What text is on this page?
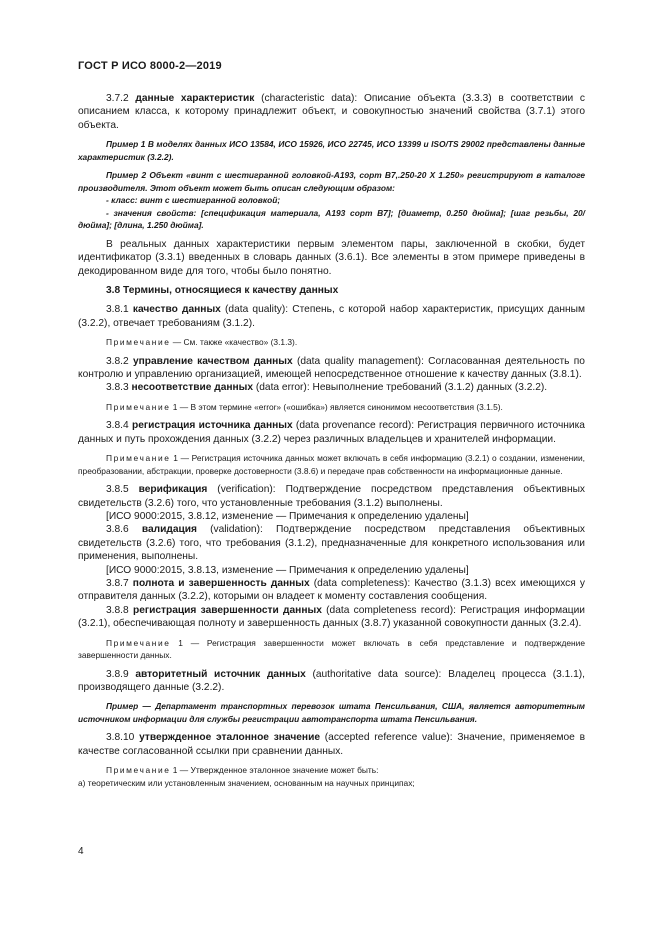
ГОСТ Р ИСО 8000-2—2019
3.7.2 данные характеристик (characteristic data): Описание объекта (3.3.3) в соответствии с описанием класса, к которому принадлежит объект, и совокупностью значений свойства (3.7.1) этого объекта.
Пример 1 В моделях данных ИСО 13584, ИСО 15926, ИСО 22745, ИСО 13399 и ISO/TS 29002 представлены данные характеристик (3.2.2).
Пример 2 Объект «винт с шестигранной головкой-А193, сорт В7,.250-20 X 1.250» регистрируют в каталоге производителя. Этот объект может быть описан следующим образом:
- класс: винт с шестигранной головкой;
- значения свойств: [спецификация материала, А193 сорт В7]; [диаметр, 0.250 дюйма]; [шаг резьбы, 20/дюйма]; [длина, 1.250 дюйма].
В реальных данных характеристики первым элементом пары, заключенной в скобки, будет идентификатор (3.3.1) введенных в словарь данных (3.6.1). Все элементы в этом примере приведены в декодированном виде для того, чтобы было понятно.
3.8 Термины, относящиеся к качеству данных
3.8.1 качество данных (data quality): Степень, с которой набор характеристик, присущих данным (3.2.2), отвечает требованиям (3.1.2).
Примечание — См. также «качество» (3.1.3).
3.8.2 управление качеством данных (data quality management): Согласованная деятельность по контролю и управлению организацией, имеющей непосредственное отношение к качеству данных (3.8.1).
3.8.3 несоответствие данных (data error): Невыполнение требований (3.1.2) данных (3.2.2).
Примечание 1 — В этом термине «error» («ошибка») является синонимом несоответствия (3.1.5).
3.8.4 регистрация источника данных (data provenance record): Регистрация первичного источника данных и путь прохождения данных (3.2.2) через различных владельцев и хранителей информации.
Примечание 1 — Регистрация источника данных может включать в себя информацию (3.2.1) о создании, изменении, преобразовании, абстракции, проверке достоверности (3.8.6) и передаче прав собственности на информационные данные.
3.8.5 верификация (verification): Подтверждение посредством представления объективных свидетельств (3.2.6) того, что установленные требования (3.1.2) выполнены.
[ИСО 9000:2015, 3.8.12, изменение — Примечания к определению удалены]
3.8.6 валидация (validation): Подтверждение посредством представления объективных свидетельств (3.2.6) того, что требования (3.1.2), предназначенные для конкретного использования или применения, выполнены.
[ИСО 9000:2015, 3.8.13, изменение — Примечания к определению удалены]
3.8.7 полнота и завершенность данных (data completeness): Качество (3.1.3) всех имеющихся у отправителя данных (3.2.2), которыми он владеет к моменту составления сообщения.
3.8.8 регистрация завершенности данных (data completeness record): Регистрация информации (3.2.1), обеспечивающая полноту и завершенность данных (3.8.7) указанной совокупности данных (3.2.4).
Примечание 1 — Регистрация завершенности может включать в себя представление и подтверждение завершенности данных.
3.8.9 авторитетный источник данных (authoritative data source): Владелец процесса (3.1.1), производящего данные (3.2.2).
Пример — Департамент транспортных перевозок штата Пенсильвания, США, является авторитетным источником информации для службы регистрации автотранспорта штата Пенсильвания.
3.8.10 утвержденное эталонное значение (accepted reference value): Значение, применяемое в качестве согласованной ссылки при сравнении данных.
Примечание 1 — Утвержденное эталонное значение может быть:
а) теоретическим или установленным значением, основанным на научных принципах;
4
